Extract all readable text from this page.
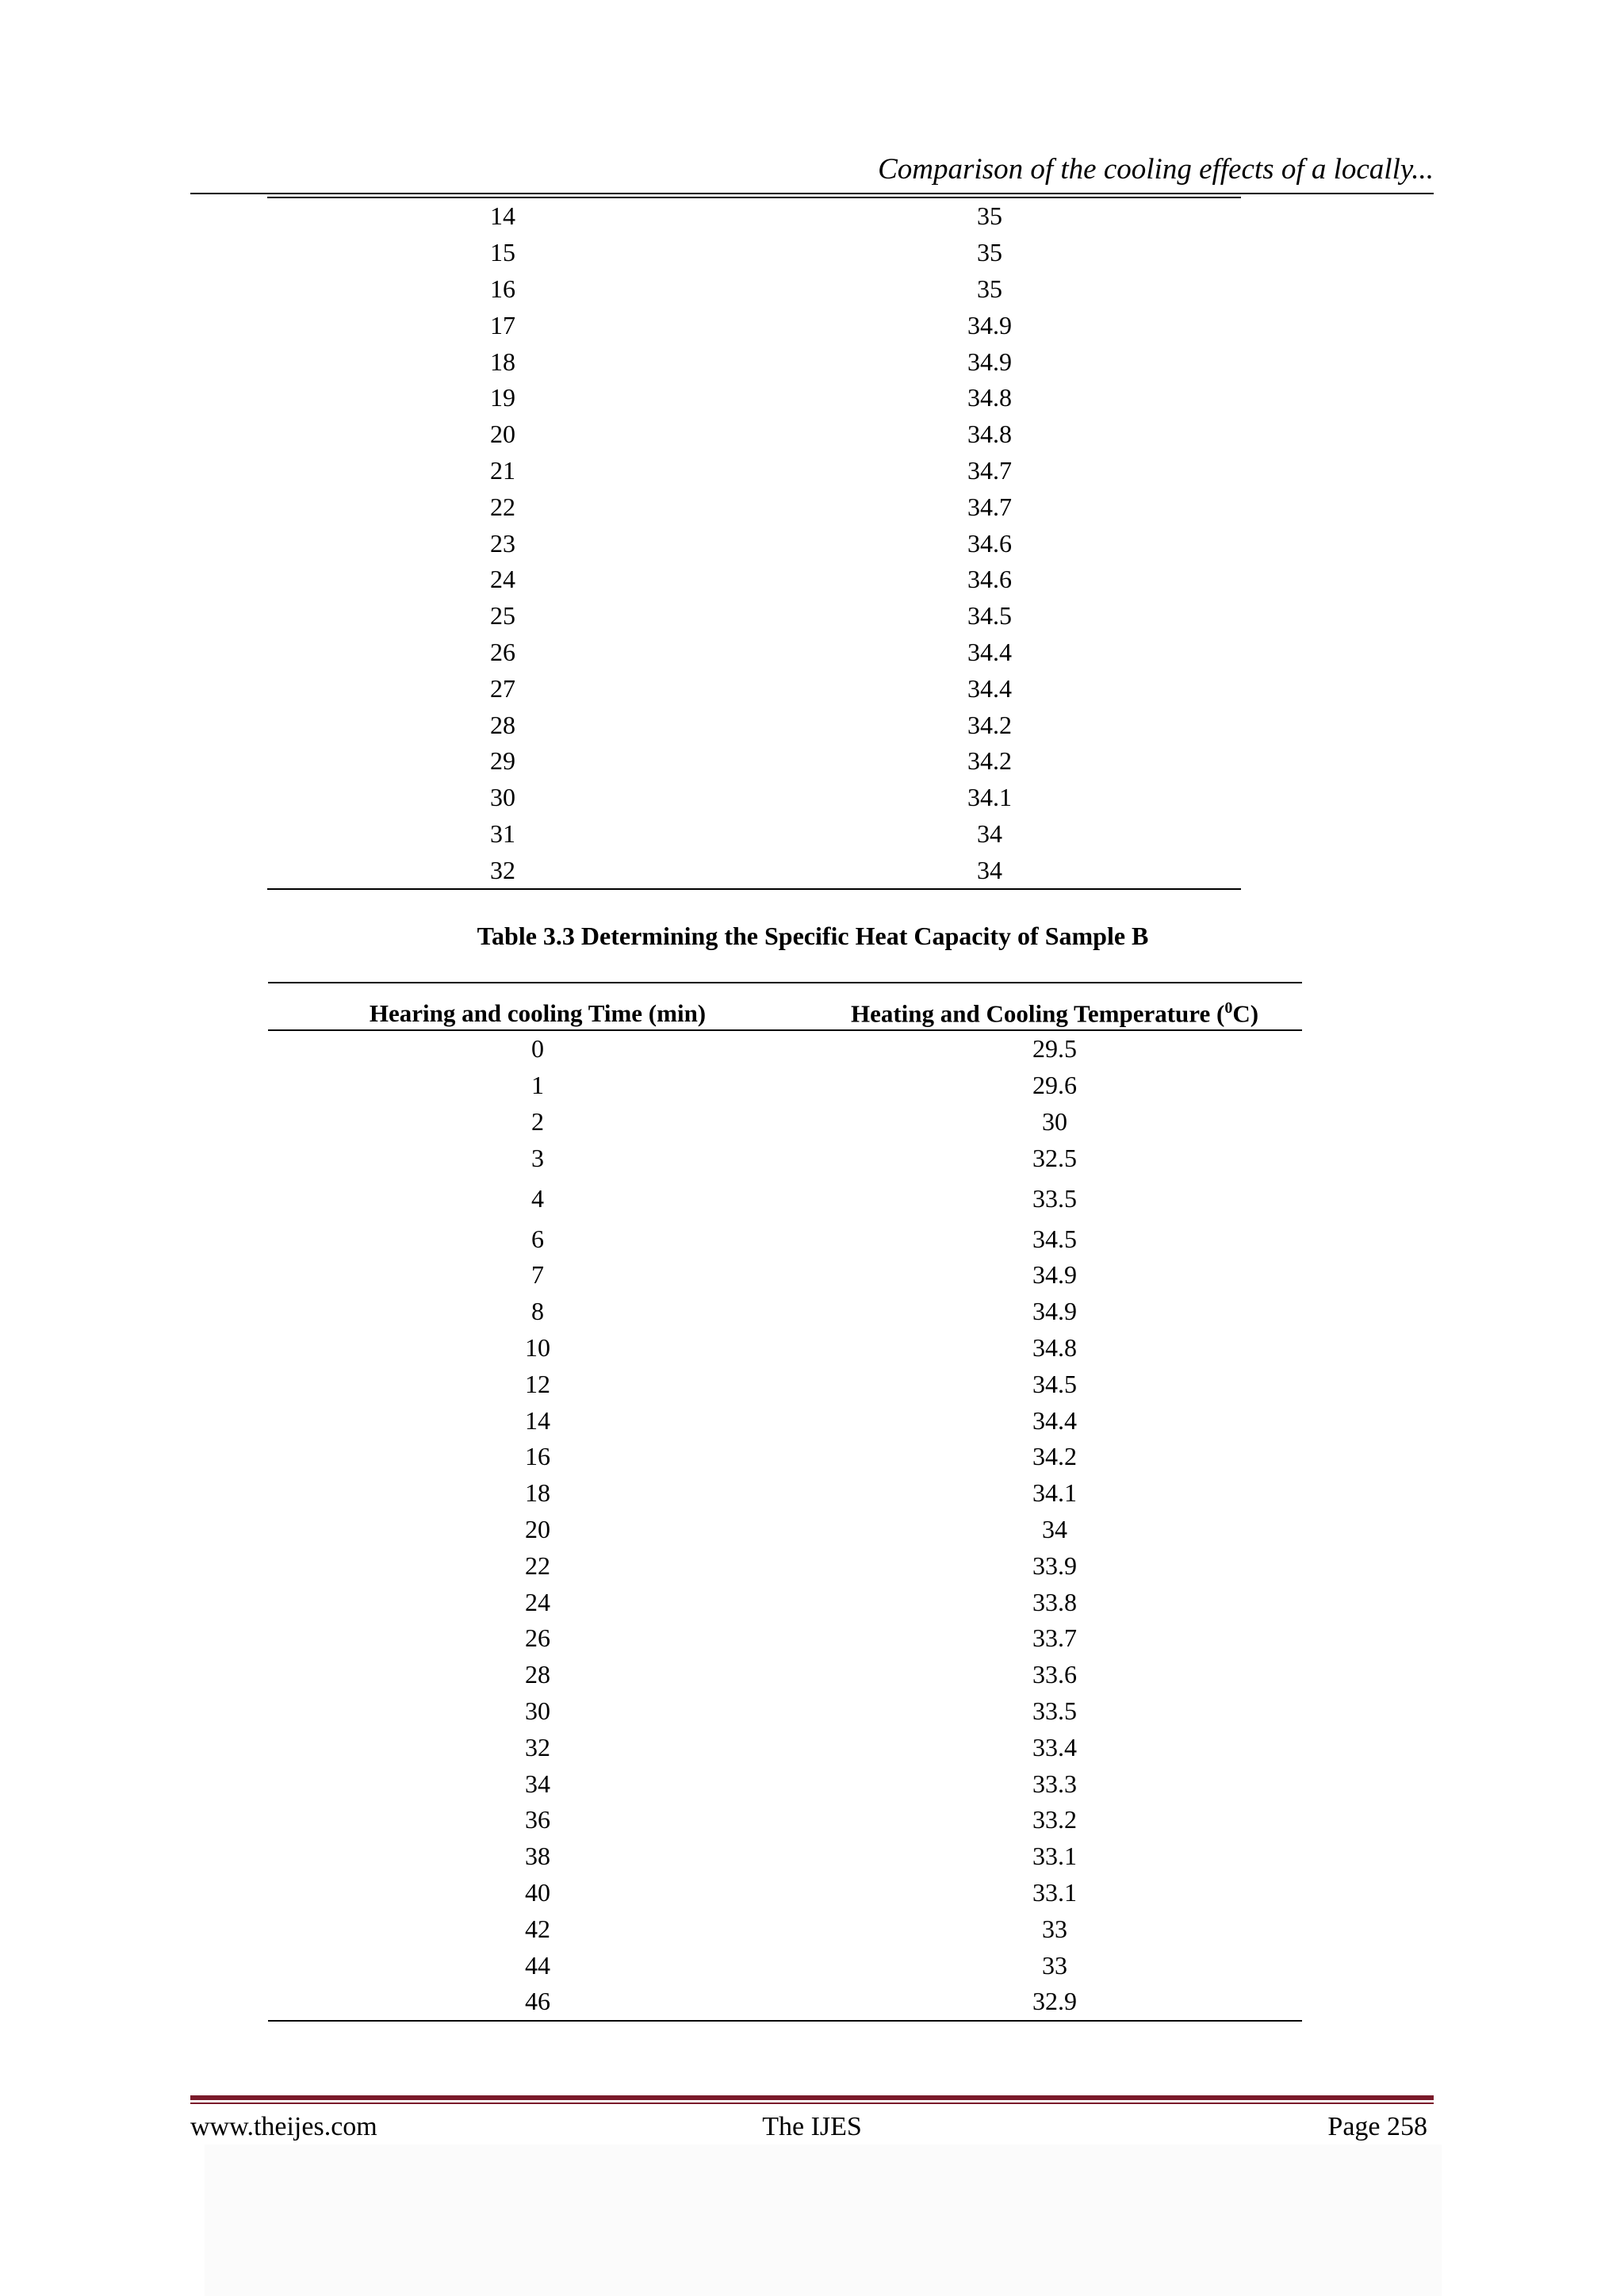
Comparison of the cooling effects of a locally...
14	35
15	35
16	35
17	34.9
18	34.9
19	34.8
20	34.8
21	34.7
22	34.7
23	34.6
24	34.6
25	34.5
26	34.4
27	34.4
28	34.2
29	34.2
30	34.1
31	34
32	34
Table 3.3 Determining the Specific Heat Capacity of Sample B
Hearing and cooling Time (min)	Heating and Cooling Temperature ($^0$C)
0	29.5
1	29.6
2	30
3	32.5
4	33.5
6	34.5
7	34.9
8	34.9
10	34.8
12	34.5
14	34.4
16	34.2
18	34.1
20	34
22	33.9
24	33.8
26	33.7
28	33.6
30	33.5
32	33.4
34	33.3
36	33.2
38	33.1
40	33.1
42	33
44	33
46	32.9
www.theijes.com	The IJES	Page 258
